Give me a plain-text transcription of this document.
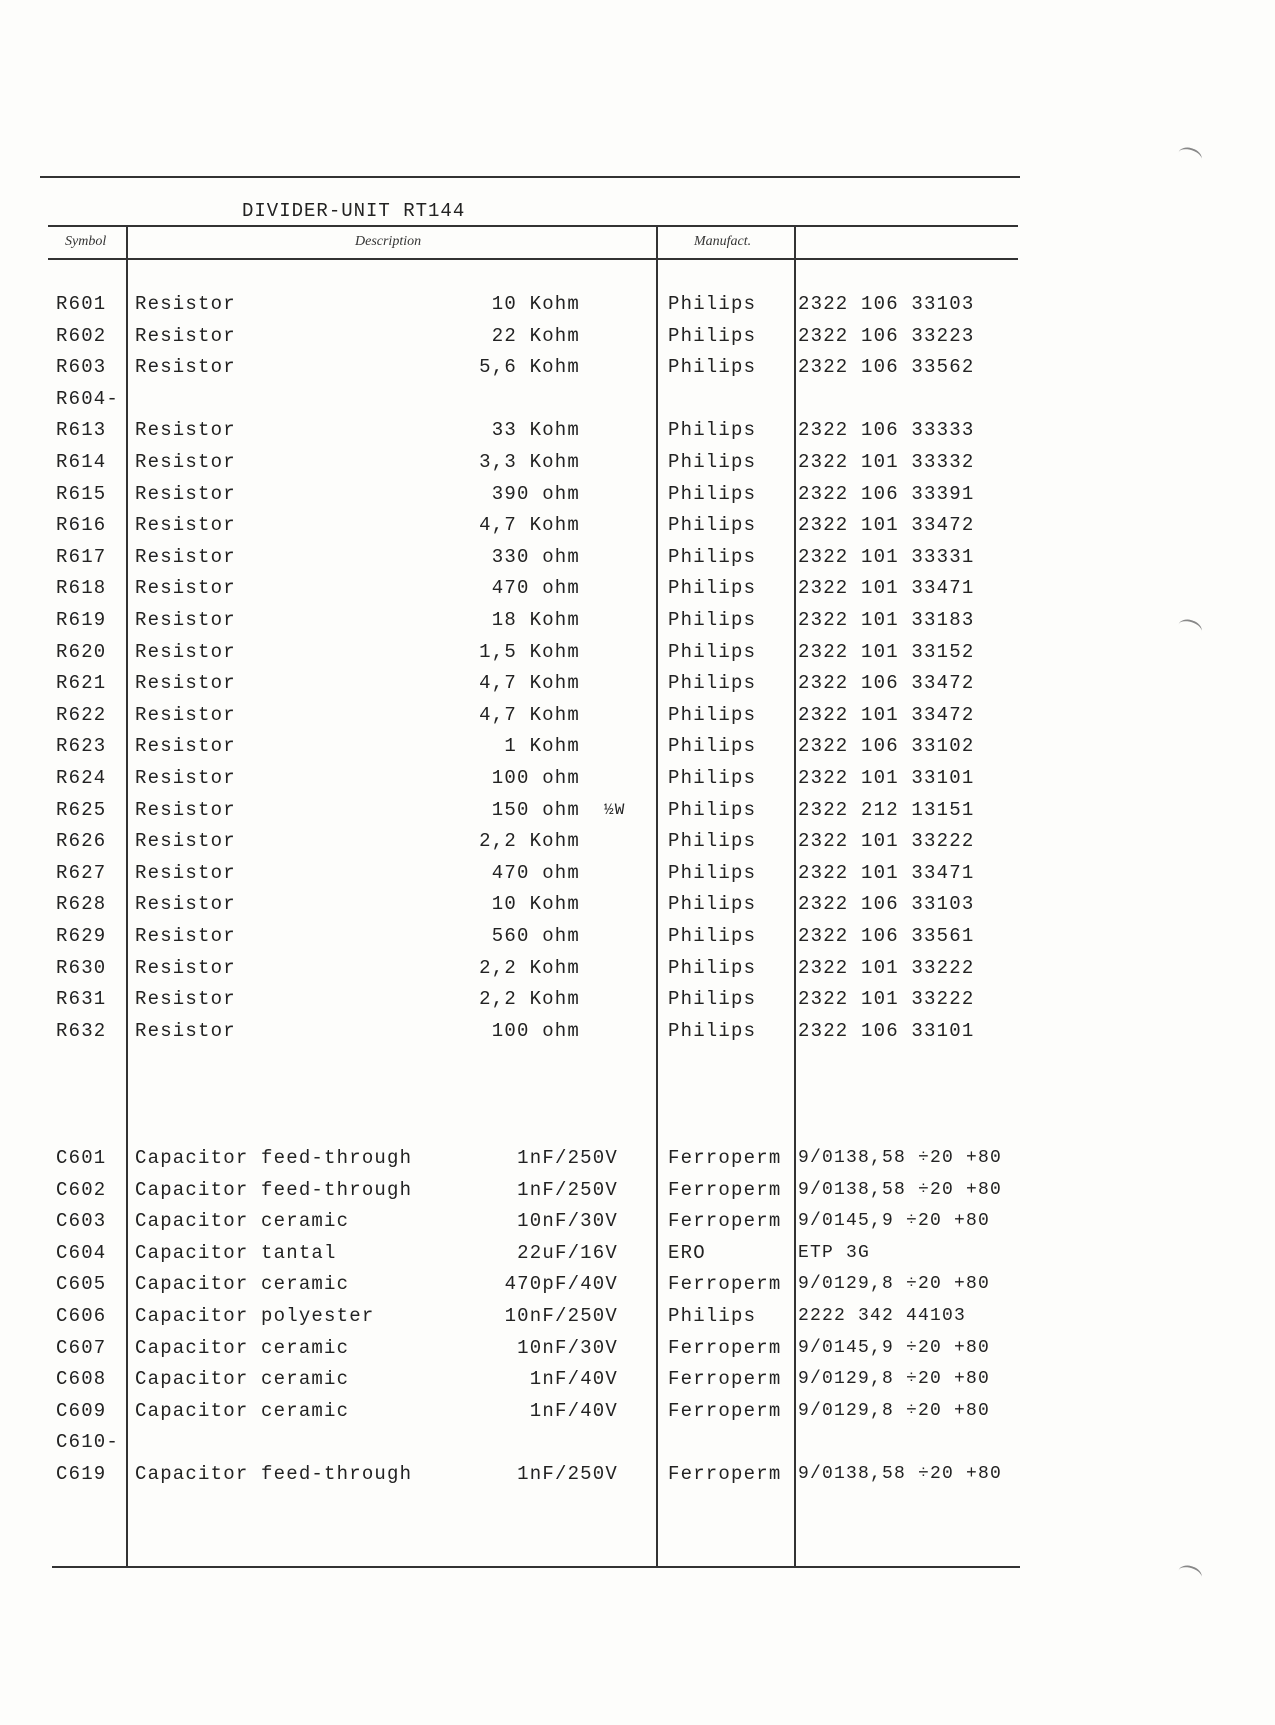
DIVIDER-UNIT RT144
Symbol	Description	Manufact.
R601 Resistor	10 Kohm	Philips 2322 106 33103
R602 Resistor	22 Kohm	Philips 2322 106 33223
R603 Resistor	5,6 Kohm	Philips 2322 106 33562
R604-
R613 Resistor	33 Kohm	Philips 2322 106 33333
R614 Resistor	3,3 Kohm	Philips 2322 101 33332
R615 Resistor	390 ohm	Philips 2322 106 33391
R616 Resistor	4,7 Kohm	Philips 2322 101 33472
R617 Resistor	330 ohm	Philips 2322 101 33331
R618 Resistor	470 ohm	Philips 2322 101 33471
R619 Resistor	18 Kohm	Philips 2322 101 33183
R620 Resistor	1,5 Kohm	Philips 2322 101 33152
R621 Resistor	4,7 Kohm	Philips 2322 106 33472
R622 Resistor	4,7 Kohm	Philips 2322 101 33472
R623 Resistor	1 Kohm	Philips 2322 106 33102
R624 Resistor	100 ohm	Philips 2322 101 33101
R625 Resistor	150 ohm ½W Philips 2322 212 13151
R626 Resistor	2,2 Kohm	Philips 2322 101 33222
R627 Resistor	470 ohm	Philips 2322 101 33471
R628 Resistor	10 Kohm	Philips 2322 106 33103
R629 Resistor	560 ohm	Philips 2322 106 33561
R630 Resistor	2,2 Kohm	Philips 2322 101 33222
R631 Resistor	2,2 Kohm	Philips 2322 101 33222
R632 Resistor	100 ohm	Philips 2322 106 33101
C601 Capacitor feed-through	1nF/250V	Ferroperm 9/0138,58 ÷20 +80
C602 Capacitor feed-through	1nF/250V	Ferroperm 9/0138,58 ÷20 +80
C603 Capacitor ceramic	10nF/30V	Ferroperm 9/0145,9 ÷20 +80
C604 Capacitor tantal	22uF/16V	ERO	ETP 3G
C605 Capacitor ceramic	470pF/40V	Ferroperm 9/0129,8 ÷20 +80
C606 Capacitor polyester	10nF/250V	Philips 2222 342 44103
C607 Capacitor ceramic	10nF/30V	Ferroperm 9/0145,9 ÷20 +80
C608 Capacitor ceramic	1nF/40V	Ferroperm 9/0129,8 ÷20 +80
C609 Capacitor ceramic	1nF/40V	Ferroperm 9/0129,8 ÷20 +80
C610-
C619 Capacitor feed-through	1nF/250V	Ferroperm 9/0138,58 ÷20 +80
